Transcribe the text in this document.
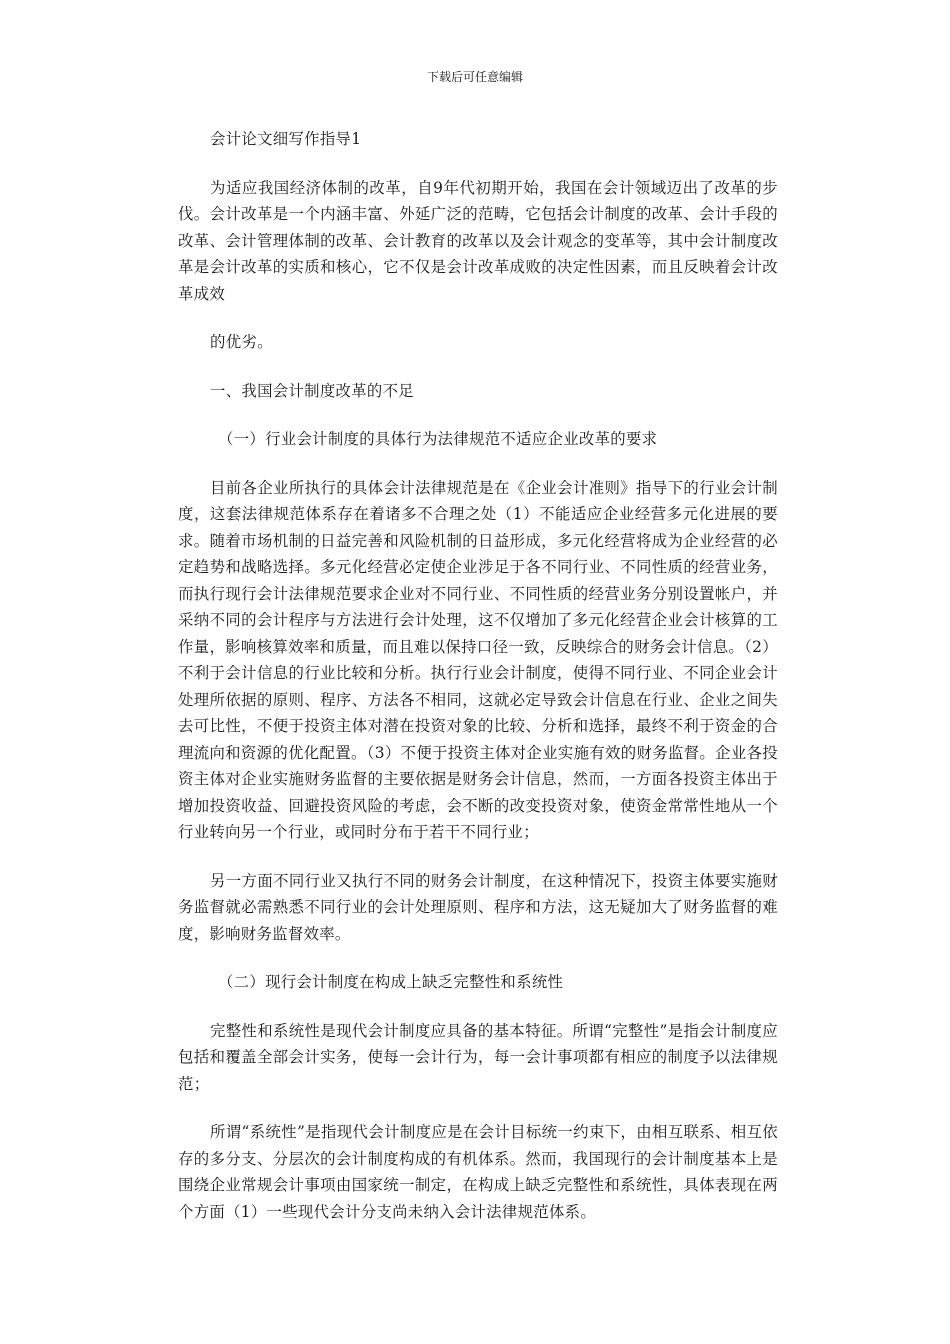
下载后可任意编辑

会计论文细写作指导1

为适应我国经济体制的改革，自9年代初期开始，我国在会计领域迈出了改革的步伐。会计改革是一个内涵丰富、外延广泛的范畴，它包括会计制度的改革、会计手段的改革、会计管理体制的改革、会计教育的改革以及会计观念的变革等，其中会计制度改革是会计改革的实质和核心，它不仅是会计改革成败的决定性因素，而且反映着会计改革成效

的优劣。

一、我国会计制度改革的不足

（一）行业会计制度的具体行为法律规范不适应企业改革的要求

目前各企业所执行的具体会计法律规范是在《企业会计准则》指导下的行业会计制度，这套法律规范体系存在着诸多不合理之处（1）不能适应企业经营多元化进展的要求。随着市场机制的日益完善和风险机制的日益形成，多元化经营将成为企业经营的必定趋势和战略选择。多元化经营必定使企业涉足于各不同行业、不同性质的经营业务，而执行现行会计法律规范要求企业对不同行业、不同性质的经营业务分别设置帐户，并采纳不同的会计程序与方法进行会计处理，这不仅增加了多元化经营企业会计核算的工作量，影响核算效率和质量，而且难以保持口径一致，反映综合的财务会计信息。（2）不利于会计信息的行业比较和分析。执行行业会计制度，使得不同行业、不同企业会计处理所依据的原则、程序、方法各不相同，这就必定导致会计信息在行业、企业之间失去可比性，不便于投资主体对潜在投资对象的比较、分析和选择，最终不利于资金的合理流向和资源的优化配置。（3）不便于投资主体对企业实施有效的财务监督。企业各投资主体对企业实施财务监督的主要依据是财务会计信息，然而，一方面各投资主体出于增加投资收益、回避投资风险的考虑，会不断的改变投资对象，使资金常常性地从一个行业转向另一个行业，或同时分布于若干不同行业；

另一方面不同行业又执行不同的财务会计制度，在这种情况下，投资主体要实施财务监督就必需熟悉不同行业的会计处理原则、程序和方法，这无疑加大了财务监督的难度，影响财务监督效率。

（二）现行会计制度在构成上缺乏完整性和系统性

完整性和系统性是现代会计制度应具备的基本特征。所谓“完整性”是指会计制度应包括和覆盖全部会计实务，使每一会计行为，每一会计事项都有相应的制度予以法律规范；

所谓“系统性”是指现代会计制度应是在会计目标统一约束下，由相互联系、相互依存的多分支、分层次的会计制度构成的有机体系。然而，我国现行的会计制度基本上是围绕企业常规会计事项由国家统一制定，在构成上缺乏完整性和系统性，具体表现在两个方面（1）一些现代会计分支尚未纳入会计法律规范体系。
